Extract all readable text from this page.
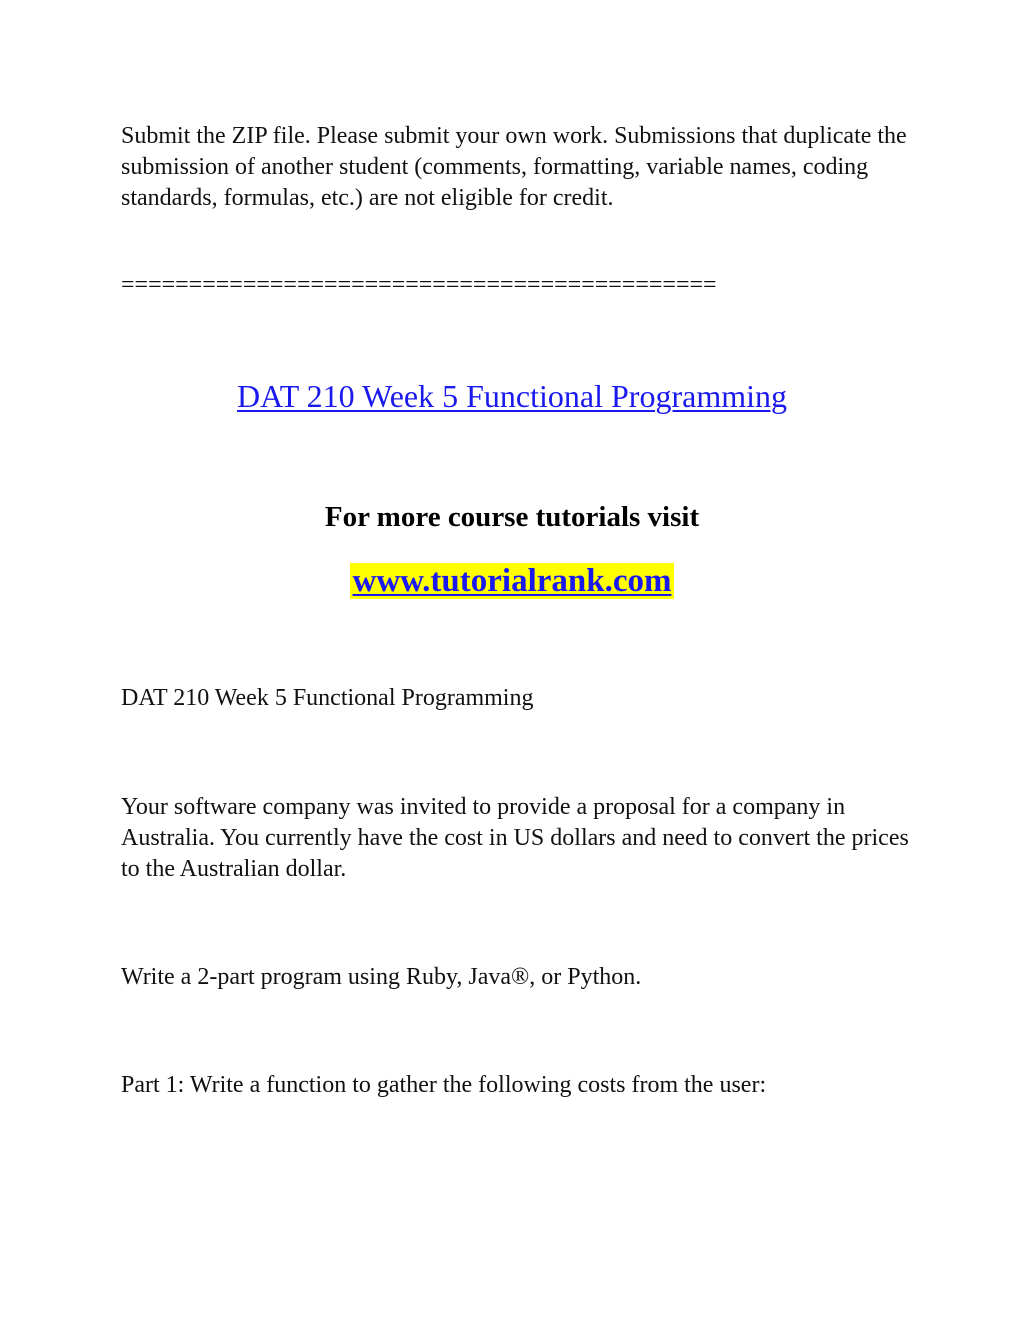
Submit the ZIP file. Please submit your own work. Submissions that duplicate the submission of another student (comments, formatting, variable names, coding standards, formulas, etc.) are not eligible for credit.

============================================
DAT 210 Week 5 Functional Programming
For more course tutorials visit
www.tutorialrank.com
DAT 210 Week 5 Functional Programming

Your software company was invited to provide a proposal for a company in Australia. You currently have the cost in US dollars and need to convert the prices to the Australian dollar.

Write a 2-part program using Ruby, Java®, or Python.

Part 1: Write a function to gather the following costs from the user:
